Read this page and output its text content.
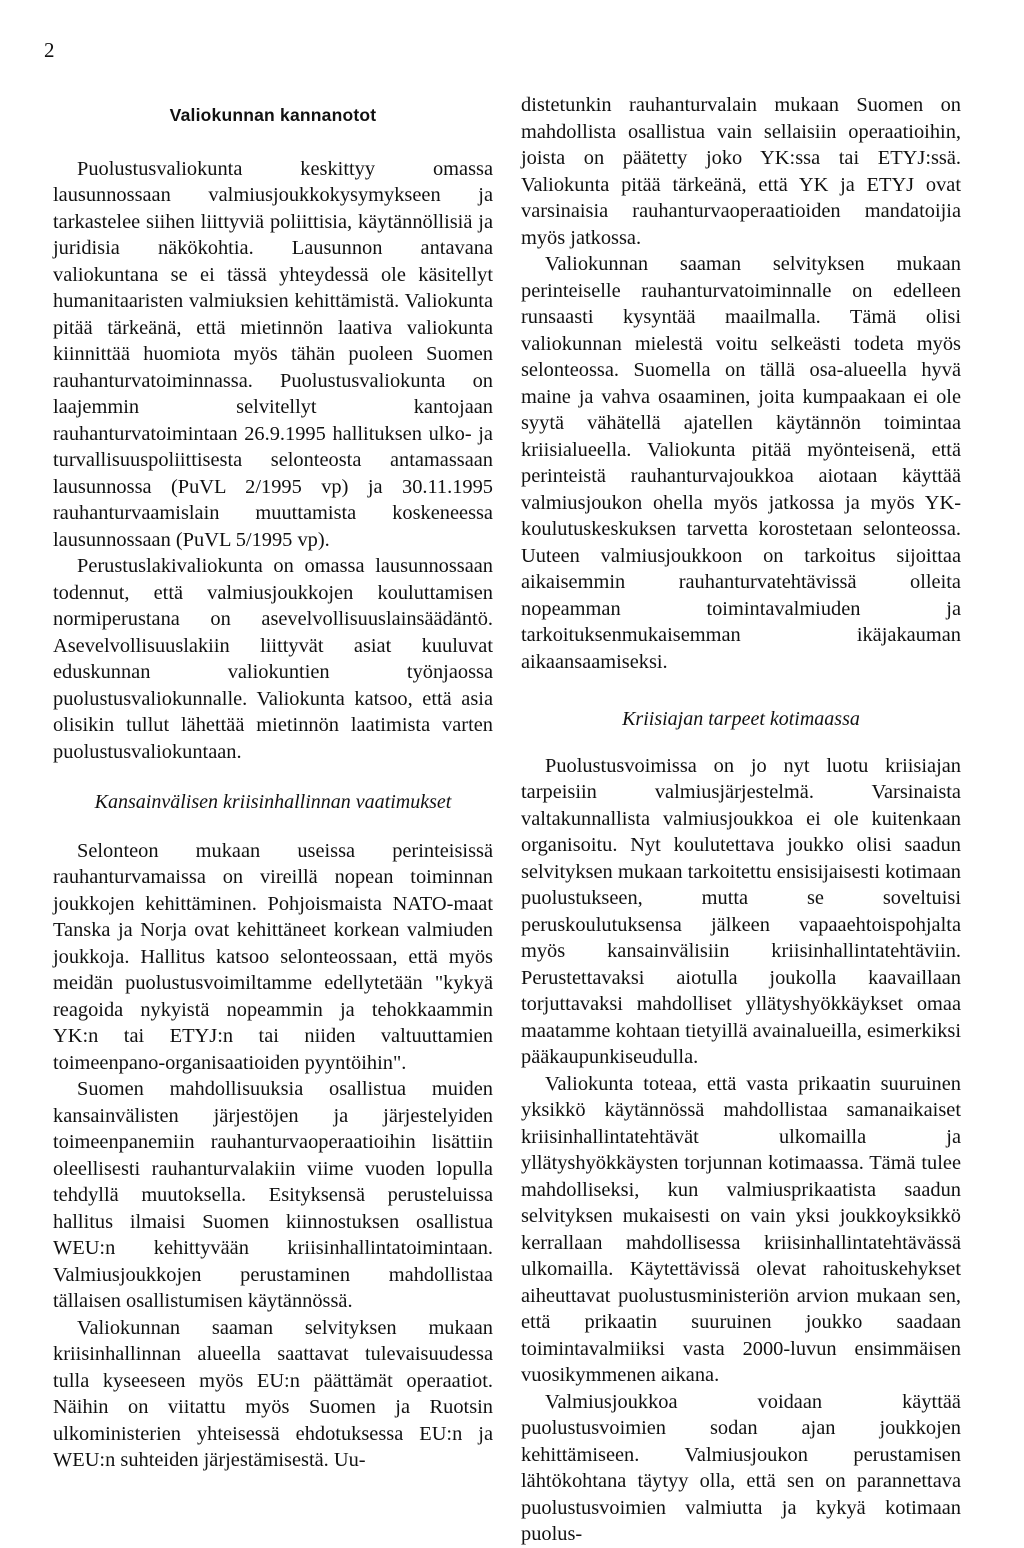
2
Valiokunnan kannanotot

Puolustusvaliokunta keskittyy omassa lausunnossaan valmiusjoukkokysymykseen ja tarkastelee siihen liittyviä poliittisia, käytännöllisiä ja juridisia näkökohtia. Lausunnon antavana valiokuntana se ei tässä yhteydessä ole käsitellyt humanitaaristen valmiuksien kehittämistä. Valiokunta pitää tärkeänä, että mietinnön laativa valiokunta kiinnittää huomiota myös tähän puoleen Suomen rauhanturvatoiminnassa. Puolustusvaliokunta on laajemmin selvitellyt kantojaan rauhanturvatoimintaan 26.9.1995 hallituksen ulko- ja turvallisuuspoliittisesta selonteosta antamassaan lausunnossa (PuVL 2/1995 vp) ja 30.11.1995 rauhanturvaamislain muuttamista koskeneessa lausunnossaan (PuVL 5/1995 vp).

Perustuslakivaliokunta on omassa lausunnossaan todennut, että valmiusjoukkojen kouluttamisen normiperustana on asevelvollisuuslainsäädäntö. Asevelvollisuuslakiin liittyvät asiat kuuluvat eduskunnan valiokuntien työnjaossa puolustusvaliokunnalle. Valiokunta katsoo, että asia olisikin tullut lähettää mietinnön laatimista varten puolustusvaliokuntaan.

Kansainvälisen kriisinhallinnan vaatimukset

Selonteon mukaan useissa perinteisissä rauhanturvamaissa on vireillä nopean toiminnan joukkojen kehittäminen. Pohjoismaista NATO-maat Tanska ja Norja ovat kehittäneet korkean valmiuden joukkoja. Hallitus katsoo selonteossaan, että myös meidän puolustusvoimiltamme edellytetään "kykyä reagoida nykyistä nopeammin ja tehokkaammin YK:n tai ETYJ:n tai niiden valtuuttamien toimeenpano-organisaatioiden pyyntöihin".

Suomen mahdollisuuksia osallistua muiden kansainvälisten järjestöjen ja järjestelyiden toimeenpanemiin rauhanturvaoperaatioihin lisättiin oleellisesti rauhanturvalakiin viime vuoden lopulla tehdyllä muutoksella. Esityksensä perusteluissa hallitus ilmaisi Suomen kiinnostuksen osallistua WEU:n kehittyvään kriisinhallintatoimintaan. Valmiusjoukkojen perustaminen mahdollistaa tällaisen osallistumisen käytännössä.

Valiokunnan saaman selvityksen mukaan kriisinhallinnan alueella saattavat tulevaisuudessa tulla kyseeseen myös EU:n päättämät operaatiot. Näihin on viitattu myös Suomen ja Ruotsin ulkoministerien yhteisessä ehdotuksessa EU:n ja WEU:n suhteiden järjestämisestä. Uu-

distetunkin rauhanturvalain mukaan Suomen on mahdollista osallistua vain sellaisiin operaatioihin, joista on päätetty joko YK:ssa tai ETYJ:ssä. Valiokunta pitää tärkeänä, että YK ja ETYJ ovat varsinaisia rauhanturvaoperaatioiden mandatoijia myös jatkossa.

Valiokunnan saaman selvityksen mukaan perinteiselle rauhanturvatoiminnalle on edelleen runsaasti kysyntää maailmalla. Tämä olisi valiokunnan mielestä voitu selkeästi todeta myös selonteossa. Suomella on tällä osa-alueella hyvä maine ja vahva osaaminen, joita kumpaakaan ei ole syytä vähätellä ajatellen käytännön toimintaa kriisialueella. Valiokunta pitää myönteisenä, että perinteistä rauhanturvajoukkoa aiotaan käyttää valmiusjoukon ohella myös jatkossa ja myös YK-koulutuskeskuksen tarvetta korostetaan selonteossa. Uuteen valmiusjoukkoon on tarkoitus sijoittaa aikaisemmin rauhanturvatehtävissä olleita nopeamman toimintavalmiuden ja tarkoituksenmukaisemman ikäjakauman aikaansaamiseksi.

Kriisiajan tarpeet kotimaassa

Puolustusvoimissa on jo nyt luotu kriisiajan tarpeisiin valmiusjärjestelmä. Varsinaista valtakunnallista valmiusjoukkoa ei ole kuitenkaan organisoitu. Nyt koulutettava joukko olisi saadun selvityksen mukaan tarkoitettu ensisijaisesti kotimaan puolustukseen, mutta se soveltuisi peruskoulutuksensa jälkeen vapaaehtoispohjalta myös kansainvälisiin kriisinhallintatehtäviin. Perustettavaksi aiotulla joukolla kaavaillaan torjuttavaksi mahdolliset yllätyshyökkäykset omaa maatamme kohtaan tietyillä avainalueilla, esimerkiksi pääkaupunkiseudulla.

Valiokunta toteaa, että vasta prikaatin suuruinen yksikkö käytännössä mahdollistaa samanaikaiset kriisinhallintatehtävät ulkomailla ja yllätyshyökkäysten torjunnan kotimaassa. Tämä tulee mahdolliseksi, kun valmiusprikaatista saadun selvityksen mukaisesti on vain yksi joukkoyksikkö kerrallaan mahdollisessa kriisinhallintatehtävässä ulkomailla. Käytettävissä olevat rahoituskehykset aiheuttavat puolustusministeriön arvion mukaan sen, että prikaatin suuruinen joukko saadaan toimintavalmiiksi vasta 2000-luvun ensimmäisen vuosikymmenen aikana.

Valmiusjoukkoa voidaan käyttää puolustusvoimien sodan ajan joukkojen kehittämiseen. Valmiusjoukon perustamisen lähtökohtana täytyy olla, että sen on parannettava puolustusvoimien valmiutta ja kykyä kotimaan puolus-
